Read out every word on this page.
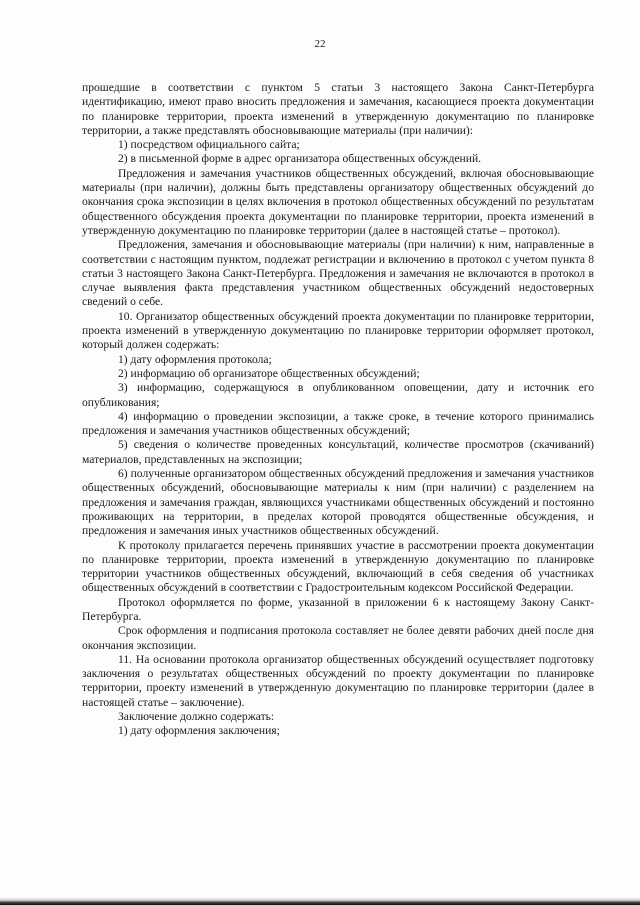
22

прошедшие в соответствии с пунктом 5 статьи 3 настоящего Закона Санкт-Петербурга идентификацию, имеют право вносить предложения и замечания, касающиеся проекта документации по планировке территории, проекта изменений в утвержденную документацию по планировке территории, а также представлять обосновывающие материалы (при наличии):

1) посредством официального сайта;

2) в письменной форме в адрес организатора общественных обсуждений.

Предложения и замечания участников общественных обсуждений, включая обосновывающие материалы (при наличии), должны быть представлены организатору общественных обсуждений до окончания срока экспозиции в целях включения в протокол общественных обсуждений по результатам общественного обсуждения проекта документации по планировке территории, проекта изменений в утвержденную документацию по планировке территории (далее в настоящей статье – протокол).

Предложения, замечания и обосновывающие материалы (при наличии) к ним, направленные в соответствии с настоящим пунктом, подлежат регистрации и включению в протокол с учетом пункта 8 статьи 3 настоящего Закона Санкт-Петербурга. Предложения и замечания не включаются в протокол в случае выявления факта представления участником общественных обсуждений недостоверных сведений о себе.

10. Организатор общественных обсуждений проекта документации по планировке территории, проекта изменений в утвержденную документацию по планировке территории оформляет протокол, который должен содержать:

1) дату оформления протокола;

2) информацию об организаторе общественных обсуждений;

3) информацию, содержащуюся в опубликованном оповещении, дату и источник его опубликования;

4) информацию о проведении экспозиции, а также сроке, в течение которого принимались предложения и замечания участников общественных обсуждений;

5) сведения о количестве проведенных консультаций, количестве просмотров (скачиваний) материалов, представленных на экспозиции;

6) полученные организатором общественных обсуждений предложения и замечания участников общественных обсуждений, обосновывающие материалы к ним (при наличии) с разделением на предложения и замечания граждан, являющихся участниками общественных обсуждений и постоянно проживающих на территории, в пределах которой проводятся общественные обсуждения, и предложения и замечания иных участников общественных обсуждений.

К протоколу прилагается перечень принявших участие в рассмотрении проекта документации по планировке территории, проекта изменений в утвержденную документацию по планировке территории участников общественных обсуждений, включающий в себя сведения об участниках общественных обсуждений в соответствии с Градостроительным кодексом Российской Федерации.

Протокол оформляется по форме, указанной в приложении 6 к настоящему Закону Санкт-Петербурга.

Срок оформления и подписания протокола составляет не более девяти рабочих дней после дня окончания экспозиции.

11. На основании протокола организатор общественных обсуждений осуществляет подготовку заключения о результатах общественных обсуждений по проекту документации по планировке территории, проекту изменений в утвержденную документацию по планировке территории (далее в настоящей статье – заключение).

Заключение должно содержать:

1) дату оформления заключения;
